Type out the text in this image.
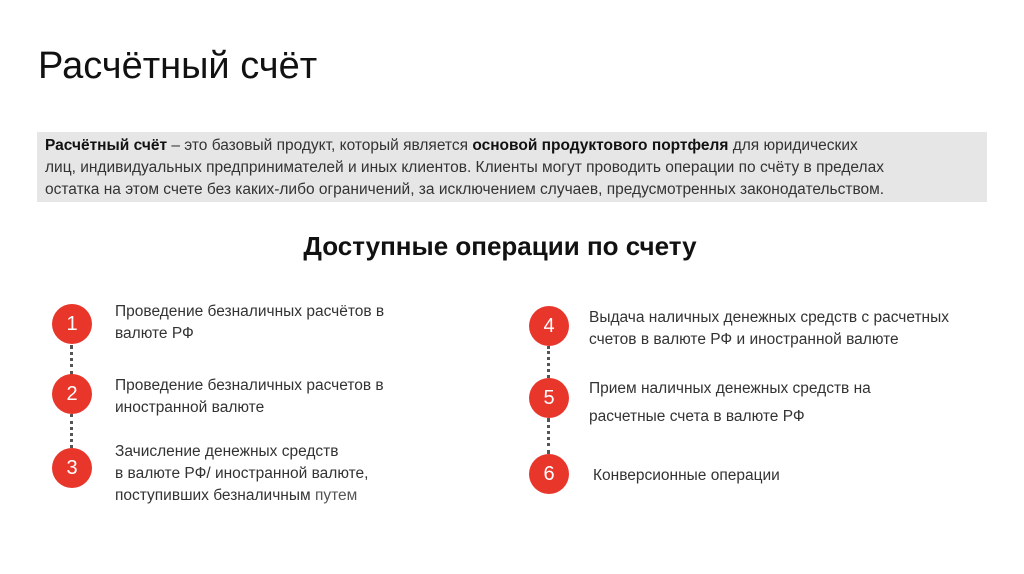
Расчётный счёт
Расчётный счёт – это базовый продукт, который является основой продуктового портфеля для юридических
лиц, индивидуальных предпринимателей и иных клиентов. Клиенты могут проводить операции по счёту в пределах
остатка на этом счете без каких-либо ограничений, за исключением случаев, предусмотренных законодательством.
Доступные операции по счету
1
2
3
Проведение безналичных расчётов в
валюте РФ
Проведение безналичных расчетов в
иностранной валюте
Зачисление денежных средств
в валюте РФ/ иностранной валюте,
поступивших безналичным путем
4
5
6
Выдача наличных денежных средств с расчетных
счетов в валюте РФ и иностранной валюте
Прием наличных денежных средств на
расчетные счета в валюте РФ
Конверсионные операции
